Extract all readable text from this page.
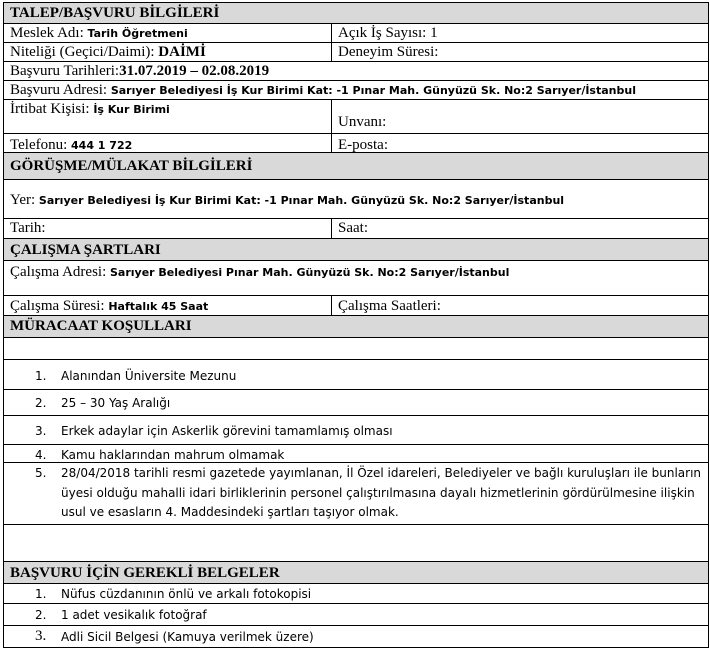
TALEP/BAŞVURU BİLGİLERİ
Meslek Adı: Tarih Öğretmeni	Açık İş Sayısı: 1
Niteliği (Geçici/Daimi): DAİMİ	Deneyim Süresi:
Başvuru Tarihleri:31.07.2019 – 02.08.2019
Başvuru Adresi: Sarıyer Belediyesi İş Kur Birimi Kat: -1 Pınar Mah. Günyüzü Sk. No:2 Sarıyer/İstanbul
İrtibat Kişisi: İş Kur Birimi
Unvanı:
Telefonu: 444 1 722	E-posta:
GÖRÜŞME/MÜLAKAT BİLGİLERİ
Yer: Sarıyer Belediyesi İş Kur Birimi Kat: -1 Pınar Mah. Günyüzü Sk. No:2 Sarıyer/İstanbul
Tarih:	Saat:
ÇALIŞMA ŞARTLARI
Çalışma Adresi: Sarıyer Belediyesi Pınar Mah. Günyüzü Sk. No:2 Sarıyer/İstanbul
Çalışma Süresi: Haftalık 45 Saat	Çalışma Saatleri:
MÜRACAAT KOŞULLARI
1. Alanından Üniversite Mezunu
2. 25 – 30 Yaş Aralığı
3. Erkek adaylar için Askerlik görevini tamamlamış olması
4. Kamu haklarından mahrum olmamak
5. 28/04/2018 tarihli resmi gazetede yayımlanan, İl Özel idareleri, Belediyeler ve bağlı kuruluşları ile bunların
üyesi olduğu mahalli idari birliklerinin personel çalıştırılmasına dayalı hizmetlerinin gördürülmesine ilişkin
usul ve esasların 4. Maddesindeki şartları taşıyor olmak.
BAŞVURU İÇİN GEREKLİ BELGELER
1. Nüfus cüzdanının önlü ve arkalı fotokopisi
2. 1 adet vesikalık fotoğraf
3. Adli Sicil Belgesi (Kamuya verilmek üzere)
